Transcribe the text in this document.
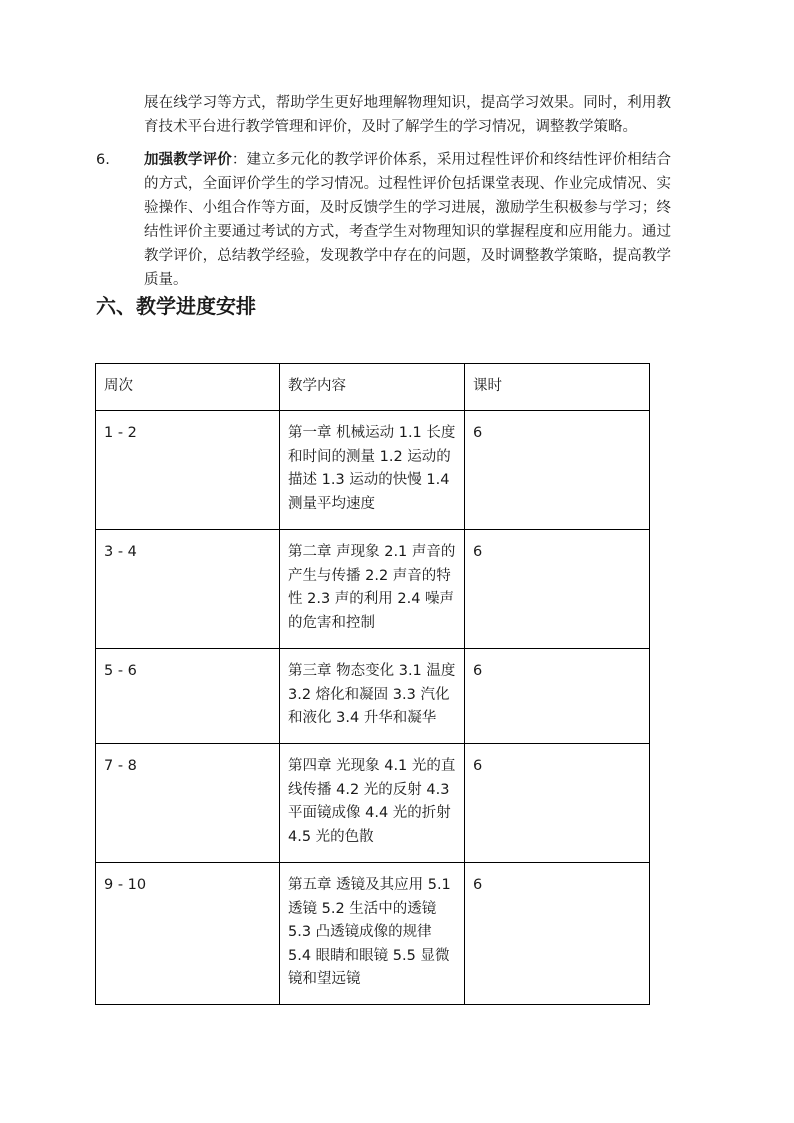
展在线学习等方式，帮助学生更好地理解物理知识，提高学习效果。同时，利用教育技术平台进行教学管理和评价，及时了解学生的学习情况，调整教学策略。

6. 加强教学评价：建立多元化的教学评价体系，采用过程性评价和终结性评价相结合的方式，全面评价学生的学习情况。过程性评价包括课堂表现、作业完成情况、实验操作、小组合作等方面，及时反馈学生的学习进展，激励学生积极参与学习；终结性评价主要通过考试的方式，考查学生对物理知识的掌握程度和应用能力。通过教学评价，总结教学经验，发现教学中存在的问题，及时调整教学策略，提高教学质量。
六、教学进度安排
周次	教学内容	课时
1 - 2	第一章 机械运动 1.1 长度和时间的测量 1.2 运动的描述 1.3 运动的快慢 1.4 测量平均速度	6
3 - 4	第二章 声现象 2.1 声音的产生与传播 2.2 声音的特性 2.3 声的利用 2.4 噪声的危害和控制	6
5 - 6	第三章 物态变化 3.1 温度 3.2 熔化和凝固 3.3 汽化和液化 3.4 升华和凝华	6
7 - 8	第四章 光现象 4.1 光的直线传播 4.2 光的反射 4.3 平面镜成像 4.4 光的折射 4.5 光的色散	6
9 - 10	第五章 透镜及其应用 5.1 透镜 5.2 生活中的透镜 5.3 凸透镜成像的规律 5.4 眼睛和眼镜 5.5 显微镜和望远镜	6
